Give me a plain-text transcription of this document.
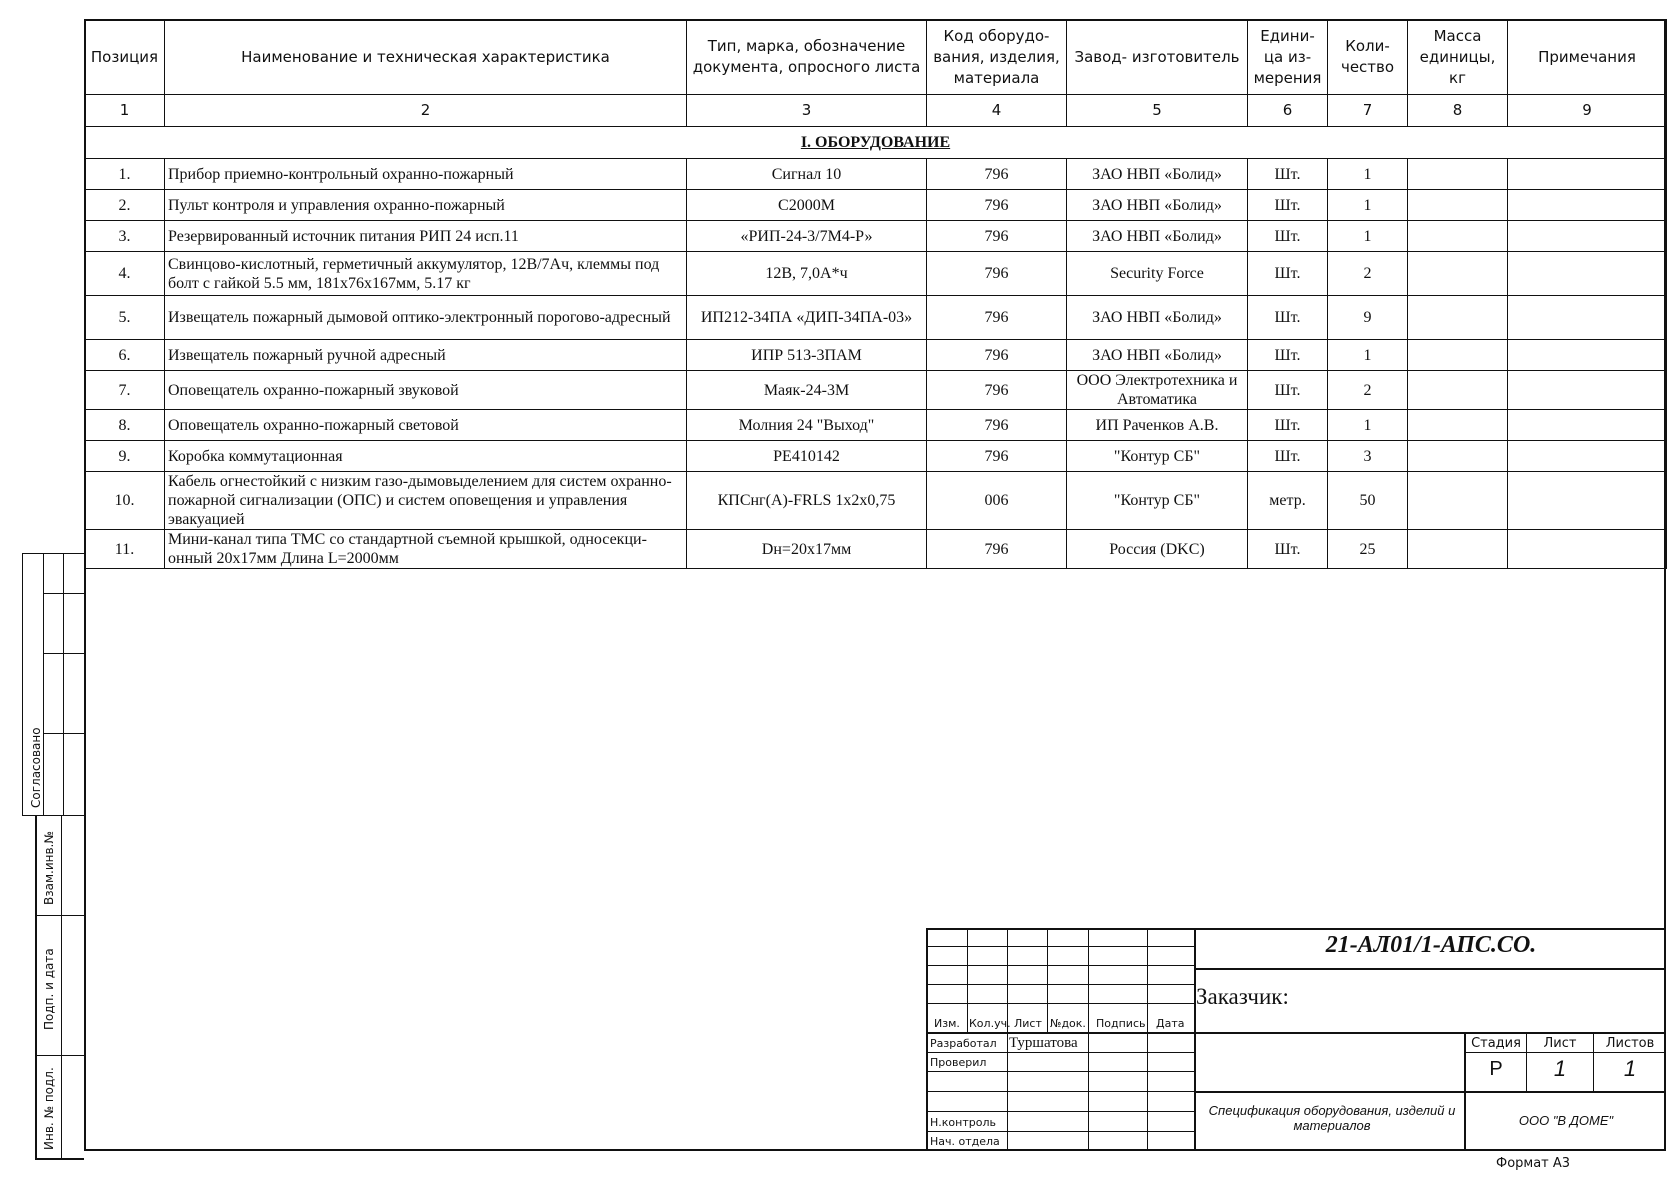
Позиция	Наименование и техническая характеристика	Тип, марка, обозначение документа, опросного листа	Код оборудо- вания, изделия, материала	Завод- изготовитель	Едини- ца из- мерения	Коли- чество	Масса единицы, кг	Примечания
1	2	3	4	5	6	7	8	9
I. ОБОРУДОВАНИЕ								
1.	Прибор приемно-контрольный охранно-пожарный	Сигнал 10	796	ЗАО НВП «Болид»	Шт.	1		
2.	Пульт контроля и управления охранно-пожарный	С2000М	796	ЗАО НВП «Болид»	Шт.	1		
3.	Резервированный источник питания РИП 24 исп.11	«РИП-24-3/7М4-Р»	796	ЗАО НВП «Болид»	Шт.	1		
4.	Свинцово-кислотный, герметичный аккумулятор, 12В/7Ач, клеммы под болт с гайкой 5.5 мм, 181х76х167мм, 5.17 кг	12В, 7,0А*ч	796	Security Force	Шт.	2		
5.	Извещатель пожарный дымовой оптико-электронный порогово-адресный	ИП212-34ПА «ДИП-34ПА-03»	796	ЗАО НВП «Болид»	Шт.	9		
6.	Извещатель пожарный ручной адресный	ИПР 513-3ПАМ	796	ЗАО НВП «Болид»	Шт.	1		
7.	Оповещатель охранно-пожарный звуковой	Маяк-24-3М	796	ООО Электротехника и Автоматика	Шт.	2		
8.	Оповещатель охранно-пожарный световой	Молния 24 "Выход"	796	ИП Раченков А.В.	Шт.	1		
9.	Коробка коммутационная	РЕ410142	796	"Контур СБ"	Шт.	3		
10.	Кабель огнестойкий с низким газо-дымовыделением для систем охранно-пожарной сигнализации (ОПС) и систем оповещения и управления эвакуацией	КПСнг(А)-FRLS 1х2х0,75	006	"Контур СБ"	метр.	50		
11.	Мини-канал типа ТМС со стандартной съемной крышкой, односекци-онный 20х17мм Длина L=2000мм	Dн=20х17мм	796	Россия (DKC)	Шт.	25		
Согласовано
Взам.инв.№
Подп. и дата
Инв. № подл.
Изм. Кол.уч. Лист №док. Подпись Дата
Разработал
Проверил
Н.контроль
Нач. отдела
Туршатова
21-АЛ01/1-АПС.СО.
Заказчик:
Стадия	Лист	Листов
Р	1	1
Спецификация оборудования, изделий и материалов	ООО "В ДОМЕ"
Формат А3
